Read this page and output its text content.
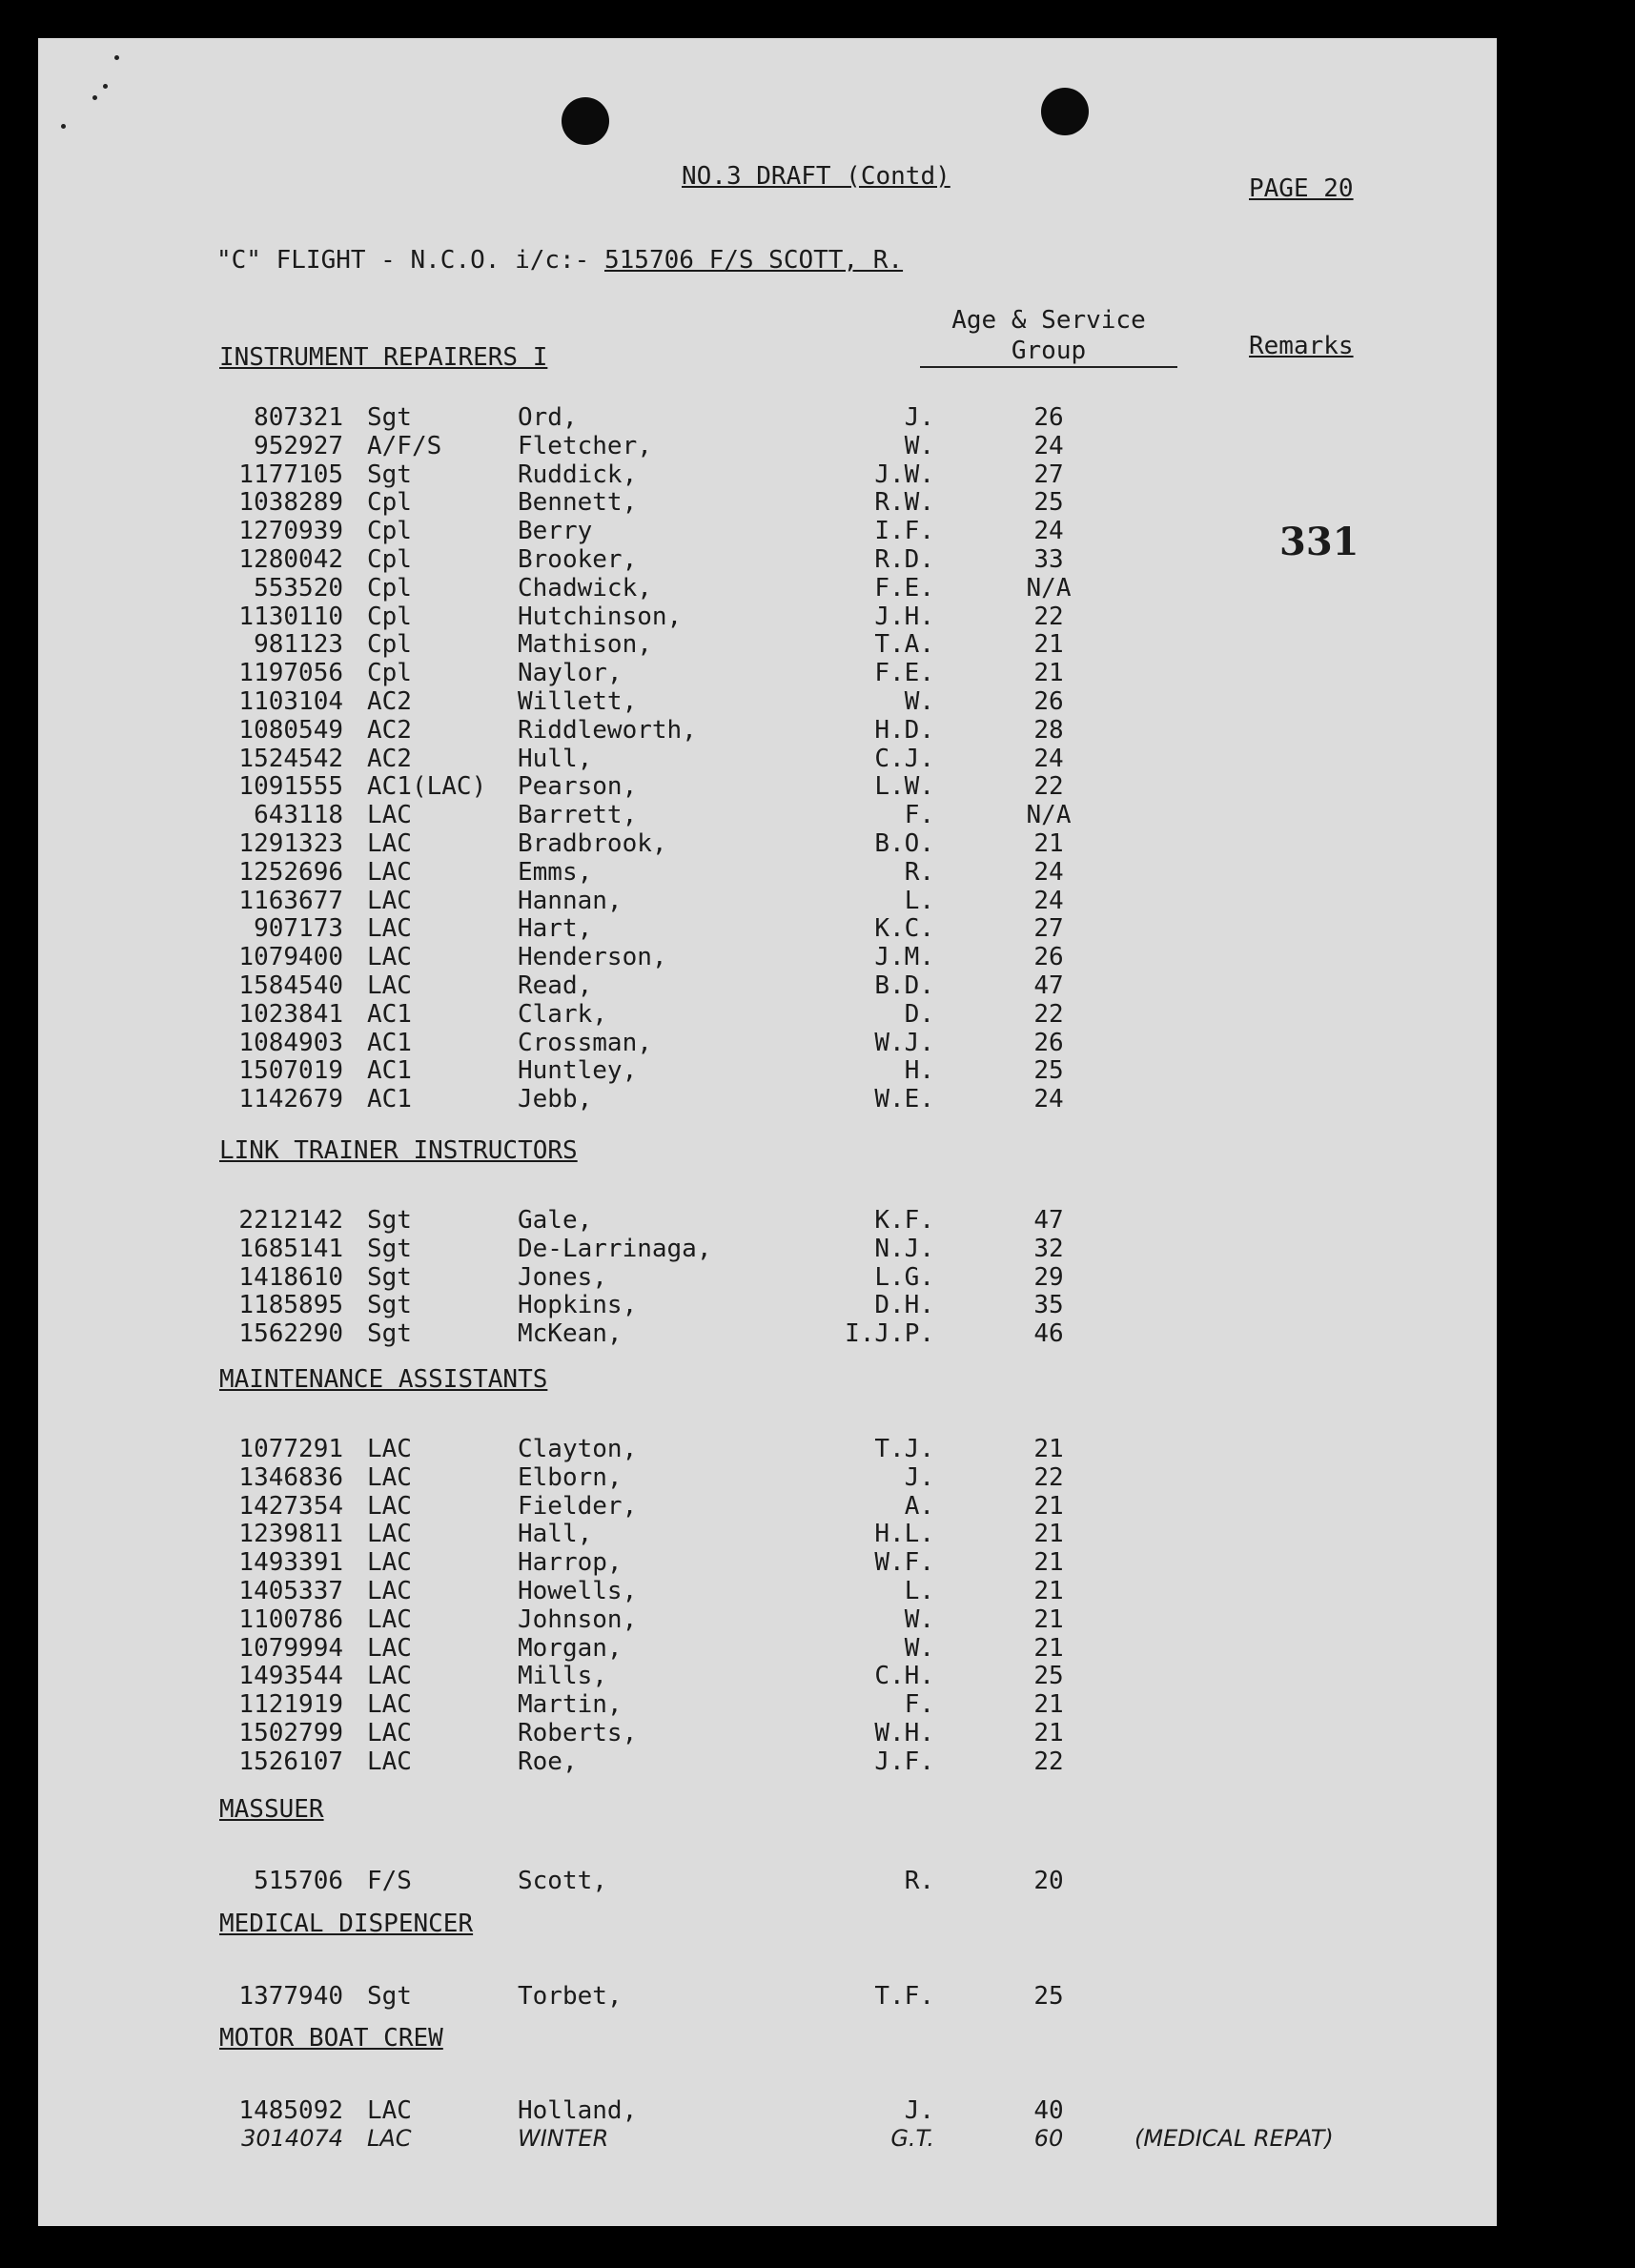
NO.3 DRAFT (Contd)	PAGE 20
"C" FLIGHT - N.C.O. i/c:- 515706 F/S SCOTT, R.
Age & Service
Group	Remarks
331
INSTRUMENT REPAIRERS I
807321 Sgt	Ord,	J.	26
952927 A/F/S	Fletcher,	W.	24
1177105 Sgt	Ruddick,	J.W.	27
1038289 Cpl	Bennett,	R.W.	25
1270939 Cpl	Berry	I.F.	24
1280042 Cpl	Brooker,	R.D.	33
553520 Cpl	Chadwick,	F.E.	N/A
1130110 Cpl	Hutchinson,	J.H.	22
981123 Cpl	Mathison,	T.A.	21
1197056 Cpl	Naylor,	F.E.	21
1103104 AC2	Willett,	W.	26
1080549 AC2	Riddleworth,	H.D.	28
1524542 AC2	Hull,	C.J.	24
1091555 AC1(LAC) Pearson,	L.W.	22
643118 LAC	Barrett,	F.	N/A
1291323 LAC	Bradbrook,	B.O.	21
1252696 LAC	Emms,	R.	24
1163677 LAC	Hannan,	L.	24
907173 LAC	Hart,	K.C.	27
1079400 LAC	Henderson,	J.M.	26
1584540 LAC	Read,	B.D.	47
1023841 AC1	Clark,	D.	22
1084903 AC1	Crossman,	W.J.	26
1507019 AC1	Huntley,	H.	25
1142679 AC1	Jebb,	W.E.	24
LINK TRAINER INSTRUCTORS
2212142 Sgt	Gale,	K.F.	47
1685141 Sgt	De-Larrinaga,	N.J.	32
1418610 Sgt	Jones,	L.G.	29
1185895 Sgt	Hopkins,	D.H.	35
1562290 Sgt	McKean,	I.J.P.	46
MAINTENANCE ASSISTANTS
1077291 LAC	Clayton,	T.J.	21
1346836 LAC	Elborn,	J.	22
1427354 LAC	Fielder,	A.	21
1239811 LAC	Hall,	H.L.	21
1493391 LAC	Harrop,	W.F.	21
1405337 LAC	Howells,	L.	21
1100786 LAC	Johnson,	W.	21
1079994 LAC	Morgan,	W.	21
1493544 LAC	Mills,	C.H.	25
1121919 LAC	Martin,	F.	21
1502799 LAC	Roberts,	W.H.	21
1526107 LAC	Roe,	J.F.	22
MASSUER
515706 F/S	Scott,	R.	20
MEDICAL DISPENCER
1377940 Sgt	Torbet,	T.F.	25
MOTOR BOAT CREW
1485092 LAC	Holland,	J.	40
3014074 LAC	WINTER	G.T.	60	(MEDICAL REPAT)
